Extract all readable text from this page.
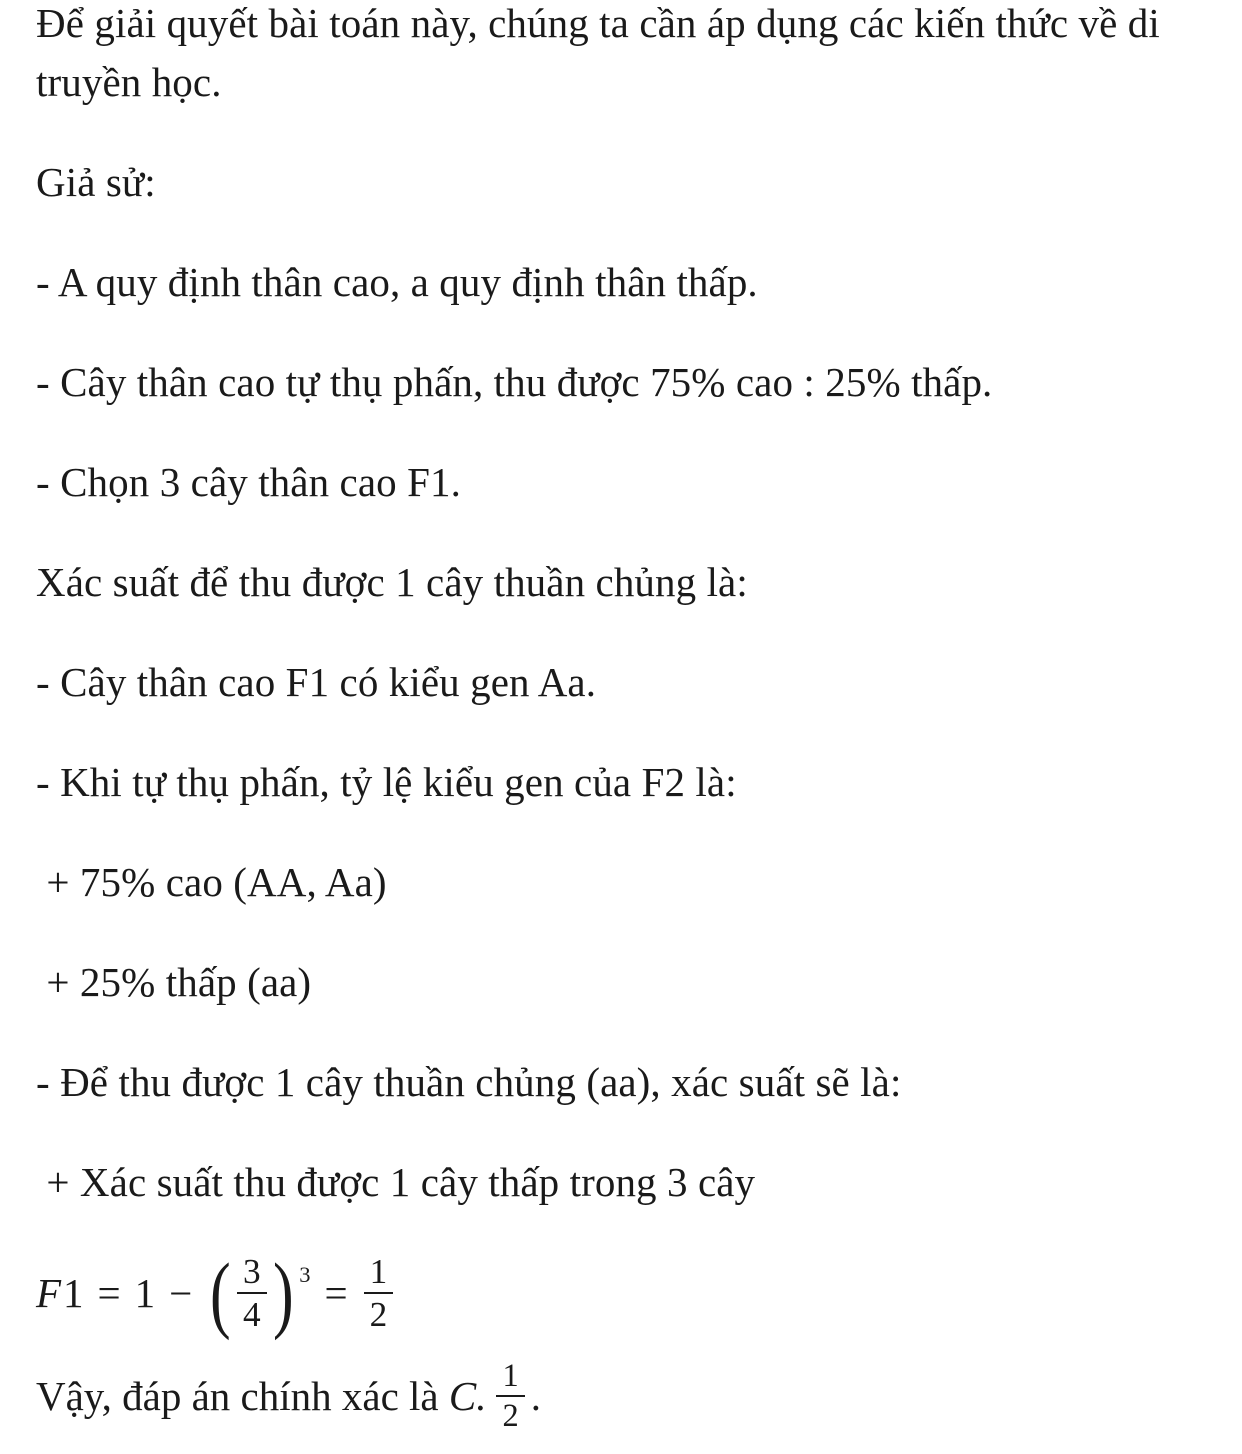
Để giải quyết bài toán này, chúng ta cần áp dụng các kiến thức về di truyền học.

Giả sử:

- A quy định thân cao, a quy định thân thấp.

- Cây thân cao tự thụ phấn, thu được 75% cao : 25% thấp.

- Chọn 3 cây thân cao F1.

Xác suất để thu được 1 cây thuần chủng là:

- Cây thân cao F1 có kiểu gen Aa.

- Khi tự thụ phấn, tỷ lệ kiểu gen của F2 là:

+ 75% cao (AA, Aa)

+ 25% thấp (aa)

- Để thu được 1 cây thuần chủng (aa), xác suất sẽ là:

+ Xác suất thu được 1 cây thấp trong 3 cây

F 1 = 1 − ( $\frac{3}{4}$ ) $3 = \frac{1}{2}$
Vậy, đáp án chính xác là C. $\frac{1}{2}$ .
